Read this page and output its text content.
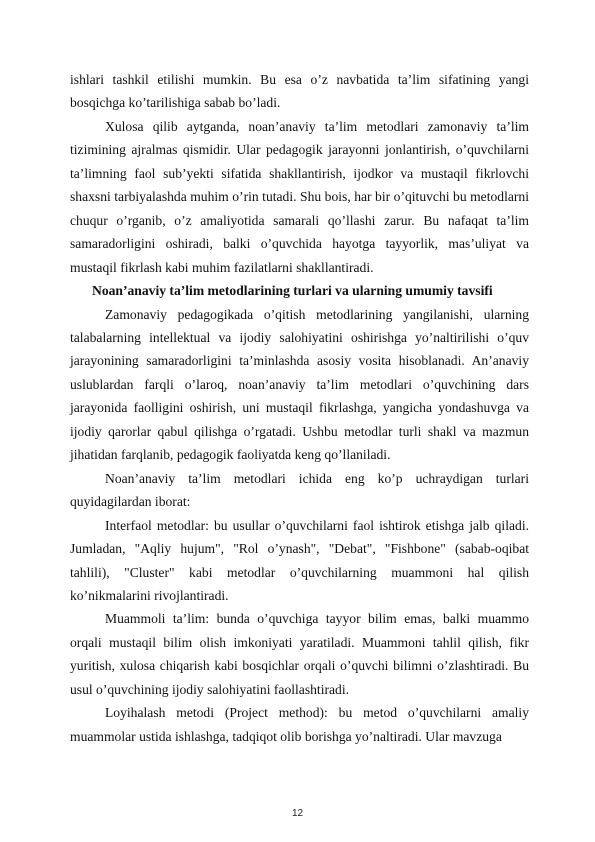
ishlari tashkil etilishi mumkin. Bu esa o’z navbatida ta’lim sifatining yangi bosqichga ko’tarilishiga sabab bo’ladi.

Xulosa qilib aytganda, noan’anaviy ta’lim metodlari zamonaviy ta’lim tizimining ajralmas qismidir. Ular pedagogik jarayonni jonlantirish, o’quvchilarni ta’limning faol sub’yekti sifatida shakllantirish, ijodkor va mustaqil fikrlovchi shaxsni tarbiyalashda muhim o’rin tutadi. Shu bois, har bir o’qituvchi bu metodlarni chuqur o’rganib, o’z amaliyotida samarali qo’llashi zarur. Bu nafaqat ta’lim samaradorligini oshiradi, balki o’quvchida hayotga tayyorlik, mas’uliyat va mustaqil fikrlash kabi muhim fazilatlarni shakllantiradi.

Noan’anaviy ta’lim metodlarining turlari va ularning umumiy tavsifi

Zamonaviy pedagogikada o’qitish metodlarining yangilanishi, ularning talabalarning intellektual va ijodiy salohiyatini oshirishga yo’naltirilishi o’quv jarayonining samaradorligini ta’minlashda asosiy vosita hisoblanadi. An’anaviy uslublardan farqli o’laroq, noan’anaviy ta’lim metodlari o’quvchining dars jarayonida faolligini oshirish, uni mustaqil fikrlashga, yangicha yondashuvga va ijodiy qarorlar qabul qilishga o’rgatadi. Ushbu metodlar turli shakl va mazmun jihatidan farqlanib, pedagogik faoliyatda keng qo’llaniladi.

Noan’anaviy ta’lim metodlari ichida eng ko’p uchraydigan turlari quyidagilardan iborat:

Interfaol metodlar: bu usullar o’quvchilarni faol ishtirok etishga jalb qiladi. Jumladan, "Aqliy hujum", "Rol o’ynash", "Debat", "Fishbone" (sabab-oqibat tahlili), "Cluster" kabi metodlar o’quvchilarning muammoni hal qilish ko’nikmalarini rivojlantiradi.

Muammoli ta’lim: bunda o’quvchiga tayyor bilim emas, balki muammo orqali mustaqil bilim olish imkoniyati yaratiladi. Muammoni tahlil qilish, fikr yuritish, xulosa chiqarish kabi bosqichlar orqali o’quvchi bilimni o’zlashtiradi. Bu usul o’quvchining ijodiy salohiyatini faollashtiradi.

Loyihalash metodi (Project method): bu metod o’quvchilarni amaliy muammolar ustida ishlashga, tadqiqot olib borishga yo’naltiradi. Ular mavzuga

12
